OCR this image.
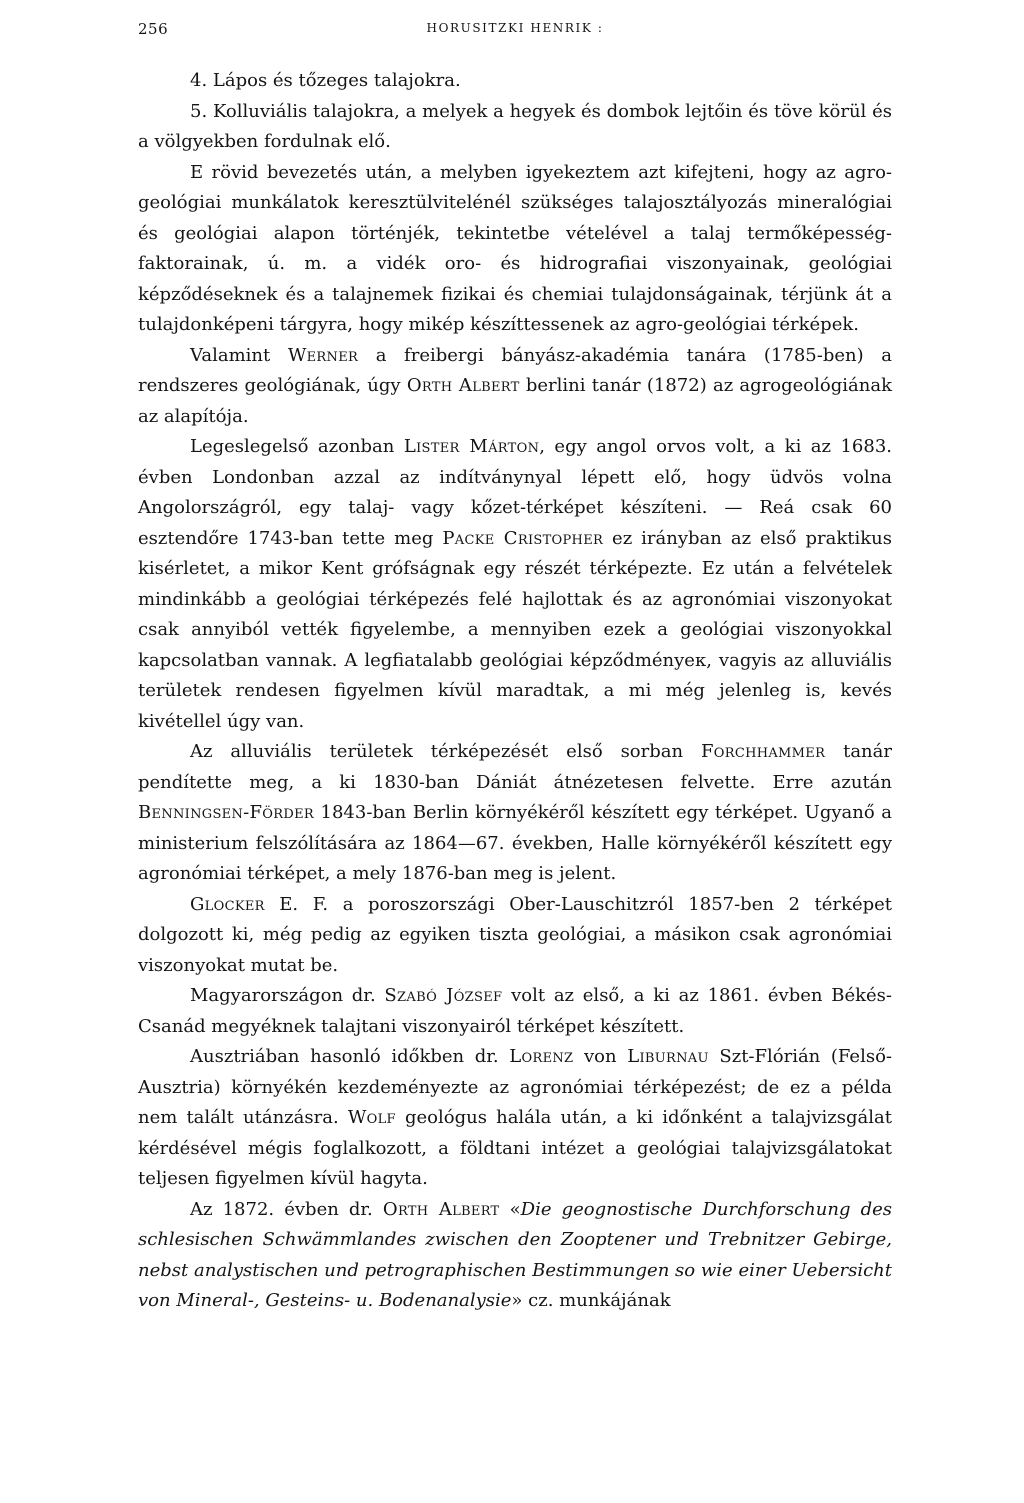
256	HORUSITZKI HENRIK :

4. Lápos és tőzeges talajokra.

5. Kolluviális talajokra, a melyek a hegyek és dombok lejtőin és töve körül és a völgyekben fordulnak elő.

E rövid bevezetés után, a melyben igyekeztem azt kifejteni, hogy az agro-geológiai munkálatok keresztülvitelénél szükséges talajosztályozás mineralógiai és geológiai alapon történjék, tekintetbe vételével a talaj termőképesség-faktorainak, ú. m. a vidék oro- és hidrografiai viszonyainak, geológiai képződéseknek és a talajnemek fizikai és chemiai tulajdonságainak, térjünk át a tulajdonképeni tárgyra, hogy mikép készíttessenek az agro-geológiai térképek.

Valamint Werner a freibergi bányász-akadémia tanára (1785-ben) a rendszeres geológiának, úgy Orth Albert berlini tanár (1872) az agrogeológiának az alapítója.

Legeslegelső azonban Lister Márton, egy angol orvos volt, a ki az 1683. évben Londonban azzal az indítványnyal lépett elő, hogy üdvös volna Angolországról, egy talaj- vagy kőzet-térképet készíteni. — Reá csak 60 esztendőre 1743-ban tette meg Packe Cristopher ez irányban az első praktikus kisérletet, a mikor Kent grófságnak egy részét térképezte. Ez után a felvételek mindinkább a geológiai térképezés felé hajlottak és az agronómiai viszonyokat csak annyiból vették figyelembe, a mennyiben ezek a geológiai viszonyokkal kapcsolatban vannak. A legfiatalabb geológiai képződményeк, vagyis az alluviális területek rendesen figyelmen kívül maradtak, a mi még jelenleg is, kevés kivétellel úgy van.

Az alluviális területek térképezését első sorban Forchhammer tanár pendítette meg, a ki 1830-ban Dániát átnézetesen felvette. Erre azután Benningsen-Förder 1843-ban Berlin környékéről készített egy térképet. Ugyanő a ministerium felszólítására az 1864—67. években, Halle környékéről készített egy agronómiai térképet, a mely 1876-ban meg is jelent.

Glocker E. F. a poroszországi Ober-Lauschitzról 1857-ben 2 térképet dolgozott ki, még pedig az egyiken tiszta geológiai, a másikon csak agronómiai viszonyokat mutat be.

Magyarországon dr. Szabó József volt az első, a ki az 1861. évben Békés-Csanád megyéknek talajtani viszonyairól térképet készített.

Ausztriában hasonló időkben dr. Lorenz von Liburnau Szt-Flórián (Felső-Ausztria) környékén kezdeményezte az agronómiai térképezést; de ez a példa nem talált utánzásra. Wolf geológus halála után, a ki időnként a talajvizsgálat kérdésével mégis foglalkozott, a földtani intézet a geológiai talajvizsgálatokat teljesen figyelmen kívül hagyta.

Az 1872. évben dr. Orth Albert «Die geognostische Durchforschung des schlesischen Schwämmlandes zwischen den Zooptener und Trebnitzer Gebirge, nebst analystischen und petrographischen Bestimmungen so wie einer Uebersicht von Mineral-, Gesteins- u. Bodenanalysie» cz. munkájának
